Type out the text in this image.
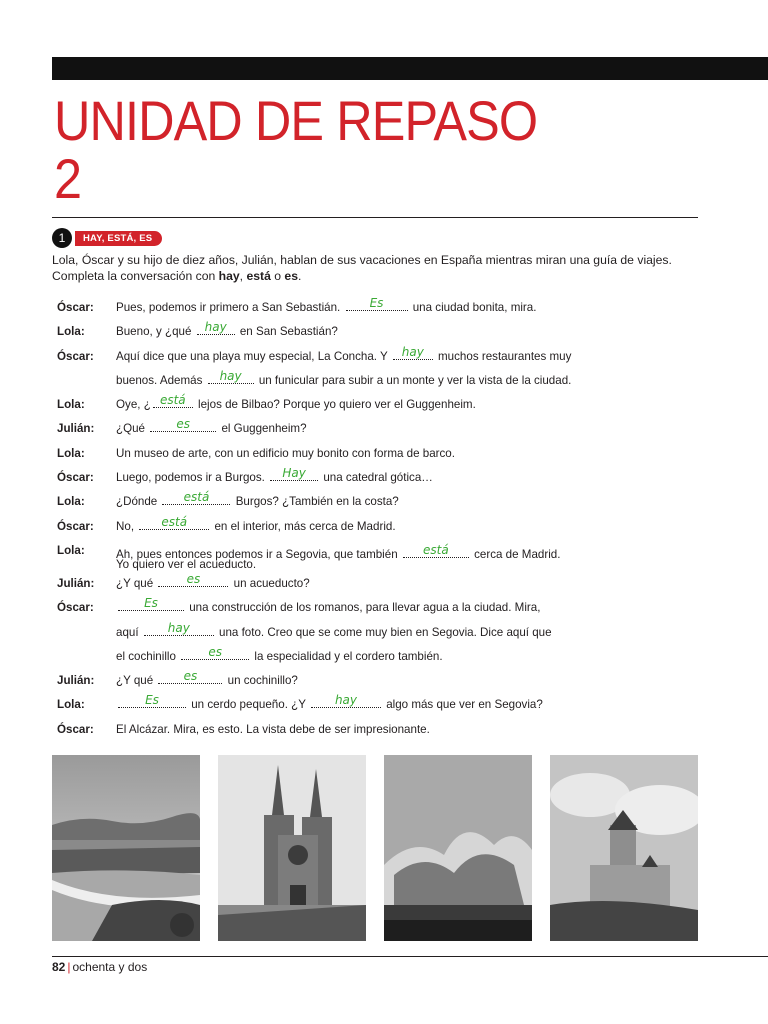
UNIDAD DE REPASO
2
1	HAY, ESTÁ, ES
Lola, Óscar y su hijo de diez años, Julián, hablan de sus vacaciones en España mientras miran una guía de viajes. Completa la conversación con hay, está o es.
Óscar:	Pues, podemos ir primero a San Sebastián.	Es	una ciudad bonita, mira.
Lola:	Bueno, y ¿qué hay en San Sebastián?
Óscar:	Aquí dice que una playa muy especial, La Concha. Y hay muchos restaurantes muy
buenos. Además	hay	un funicular para subir a un monte y ver la vista de la ciudad.
Lola:	Oye, ¿ está lejos de Bilbao? Porque yo quiero ver el Guggenheim.
Julián:	¿Qué	es	el Guggenheim?
Lola:	Un museo de arte, con un edificio muy bonito con forma de barco.
Óscar:	Luego, podemos ir a Burgos.	Hay	una catedral gótica…
Lola:	¿Dónde	está	Burgos? ¿También en la costa?
Óscar:	No,	está	en el interior, más cerca de Madrid.
Lola:	Ah, pues entonces podemos ir a Segovia, que también	está	cerca de Madrid.
Yo quiero ver el acueducto.
Julián:	¿Y qué	es	un acueducto?
Óscar:	Es	una construcción de los romanos, para llevar agua a la ciudad. Mira,
aquí	hay	una foto. Creo que se come muy bien en Segovia. Dice aquí que
el cochinillo	es	la especialidad y el cordero también.
Julián:	¿Y qué	es	un cochinillo?
Lola:	Es	un cerdo pequeño. ¿Y	hay	algo más que ver en Segovia?
Óscar:	El Alcázar. Mira, es esto. La vista debe de ser impresionante.
82 | ochenta y dos
